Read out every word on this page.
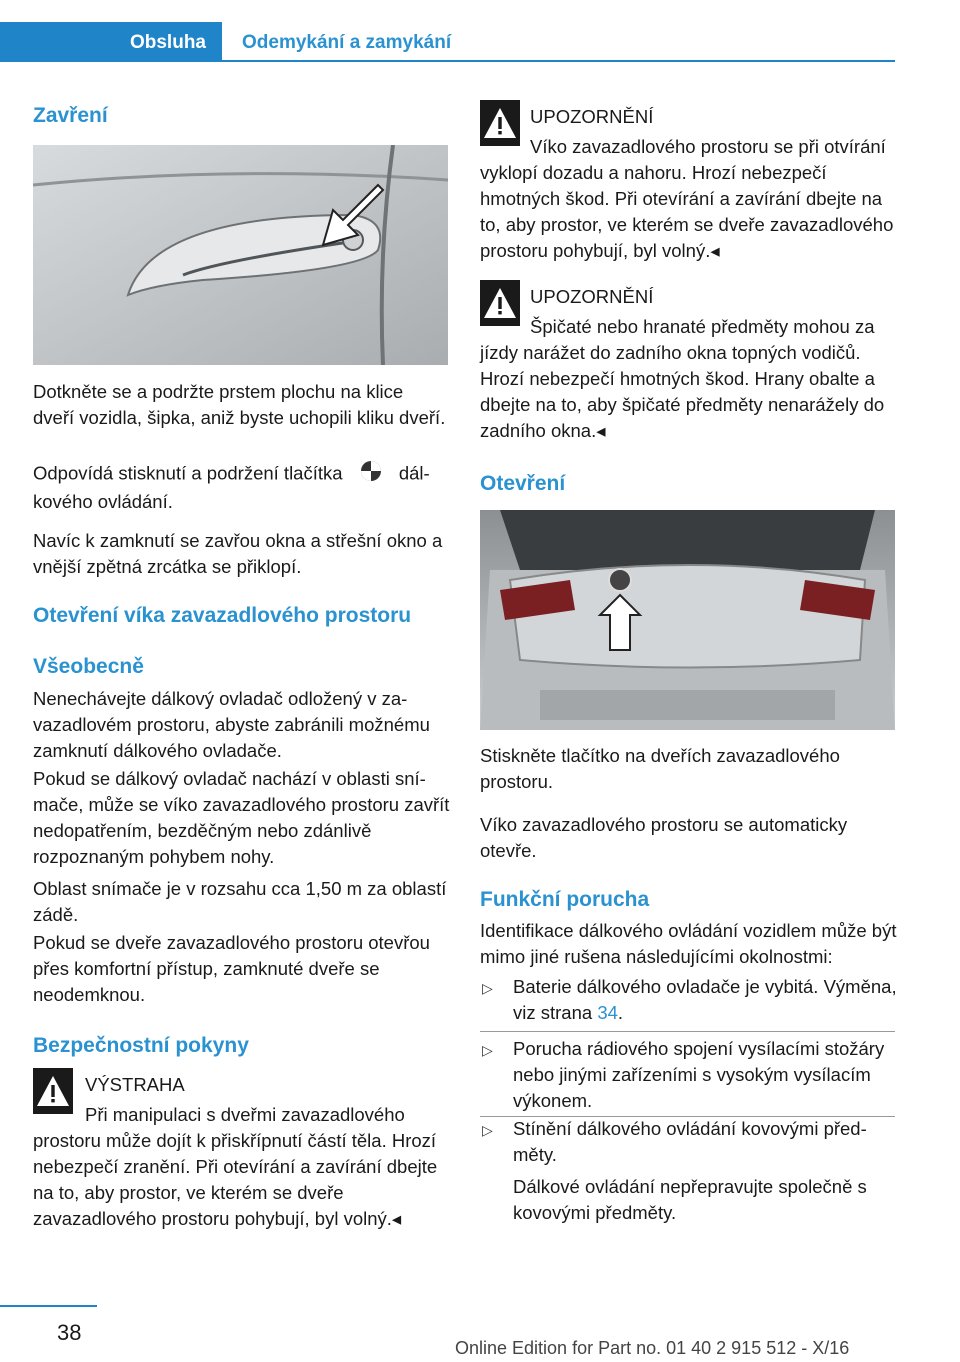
Obsluha Odemykání a zamykání
Zavření
Dotkněte se a podržte prstem plochu na klice dveří vozidla, šipka, aniž byste uchopili kliku dveří.
Odpovídá stisknutí a podržení tlačítka	dálkového ovládání.
Navíc k zamknutí se zavřou okna a střešní okno a vnější zpětná zrcátka se přiklopí.
Otevření víka zavazadlového prostoru
Všeobecně
Nenechávejte dálkový ovladač odložený v zavazadlovém prostoru, abyste zabránili možnému zamknutí dálkového ovladače.
Pokud se dálkový ovladač nachází v oblasti snímače, může se víko zavazadlového prostoru zavřít nedopatřením, bezděčným nebo zdánlivě rozpoznaným pohybem nohy.
Oblast snímače je v rozsahu cca 1,50 m za oblastí zádě.
Pokud se dveře zavazadlového prostoru otevřou přes komfortní přístup, zamknuté dveře se neodemknou.
Bezpečnostní pokyny
VÝSTRAHA
Při manipulaci s dveřmi zavazadlového prostoru může dojít k přiskřípnutí částí těla. Hrozí nebezpečí zranění. Při otevírání a zavírání dbejte na to, aby prostor, ve kterém se dveře zavazadlového prostoru pohybují, byl volný.◂
UPOZORNĚNÍ
Víko zavazadlového prostoru se při otvírání vyklopí dozadu a nahoru. Hrozí nebezpečí hmotných škod. Při otevírání a zavírání dbejte na to, aby prostor, ve kterém se dveře zavazadlového prostoru pohybují, byl volný.◂
UPOZORNĚNÍ
Špičaté nebo hranaté předměty mohou za jízdy narážet do zadního okna topných vodičů. Hrozí nebezpečí hmotných škod. Hrany obalte a dbejte na to, aby špičaté předměty nenarážely do zadního okna.◂
Otevření
Stiskněte tlačítko na dveřích zavazadlového prostoru.
Víko zavazadlového prostoru se automaticky otevře.
Funkční porucha
Identifikace dálkového ovládání vozidlem může být mimo jiné rušena následujícími okolnostmi:
▷ Baterie dálkového ovladače je vybitá. Výměna, viz strana 34.
▷ Porucha rádiového spojení vysílacími stožáry nebo jinými zařízeními s vysokým vysílacím výkonem.
▷ Stínění dálkového ovládání kovovými předměty.
Dálkové ovládání nepřepravujte společně s kovovými předměty.
38
Online Edition for Part no. 01 40 2 915 512 - X/16
